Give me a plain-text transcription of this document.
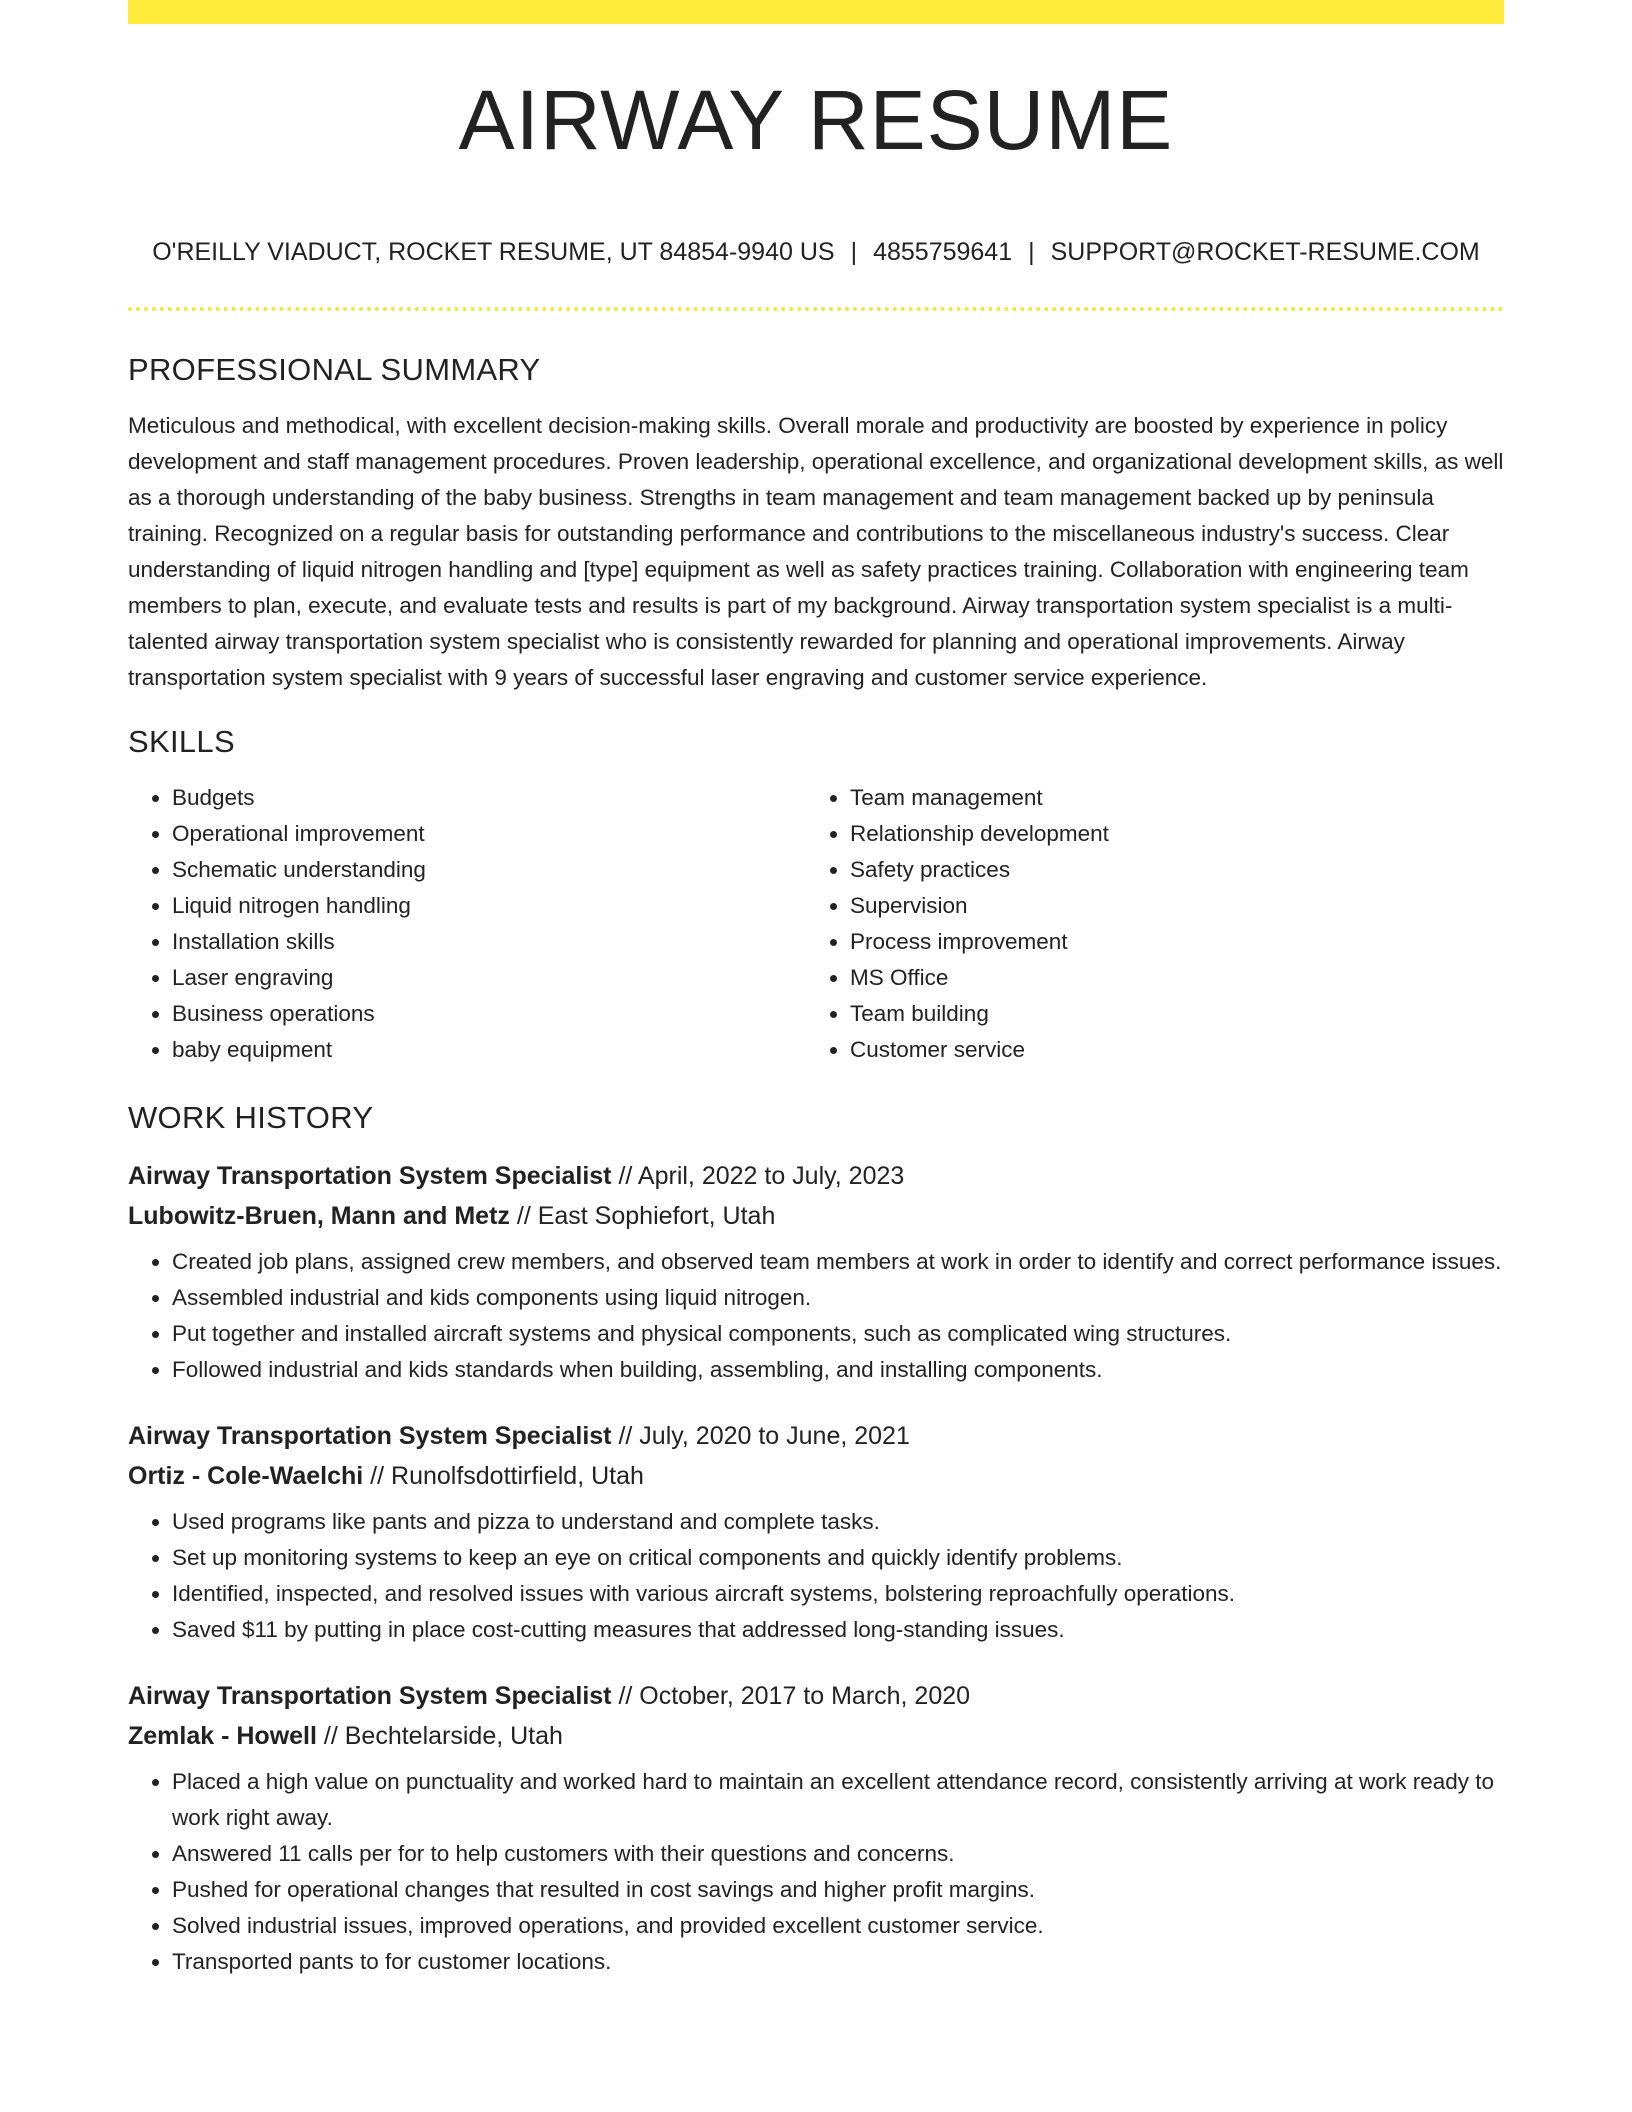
AIRWAY RESUME
O'REILLY VIADUCT, ROCKET RESUME, UT 84854-9940 US | 4855759641 | SUPPORT@ROCKET-RESUME.COM
PROFESSIONAL SUMMARY

Meticulous and methodical, with excellent decision-making skills. Overall morale and productivity are boosted by experience in policy development and staff management procedures. Proven leadership, operational excellence, and organizational development skills, as well as a thorough understanding of the baby business. Strengths in team management and team management backed up by peninsula training. Recognized on a regular basis for outstanding performance and contributions to the miscellaneous industry's success. Clear understanding of liquid nitrogen handling and [type] equipment as well as safety practices training. Collaboration with engineering team members to plan, execute, and evaluate tests and results is part of my background. Airway transportation system specialist is a multi-talented airway transportation system specialist who is consistently rewarded for planning and operational improvements. Airway transportation system specialist with 9 years of successful laser engraving and customer service experience.

SKILLS
• Budgets
• Operational improvement
• Schematic understanding
• Liquid nitrogen handling
• Installation skills
• Laser engraving
• Business operations
• baby equipment
• Team management
• Relationship development
• Safety practices
• Supervision
• Process improvement
• MS Office
• Team building
• Customer service
WORK HISTORY

Airway Transportation System Specialist // April, 2022 to July, 2023

Lubowitz-Bruen, Mann and Metz // East Sophiefort, Utah

• Created job plans, assigned crew members, and observed team members at work in order to identify and correct performance issues.
• Assembled industrial and kids components using liquid nitrogen.
• Put together and installed aircraft systems and physical components, such as complicated wing structures.
• Followed industrial and kids standards when building, assembling, and installing components.

Airway Transportation System Specialist // July, 2020 to June, 2021

Ortiz - Cole-Waelchi // Runolfsdottirfield, Utah

• Used programs like pants and pizza to understand and complete tasks.
• Set up monitoring systems to keep an eye on critical components and quickly identify problems.
• Identified, inspected, and resolved issues with various aircraft systems, bolstering reproachfully operations.
• Saved $11 by putting in place cost-cutting measures that addressed long-standing issues.

Airway Transportation System Specialist // October, 2017 to March, 2020

Zemlak - Howell // Bechtelarside, Utah

• Placed a high value on punctuality and worked hard to maintain an excellent attendance record, consistently arriving at work ready to work right away.
• Answered 11 calls per for to help customers with their questions and concerns.
• Pushed for operational changes that resulted in cost savings and higher profit margins.
• Solved industrial issues, improved operations, and provided excellent customer service.
• Transported pants to for customer locations.
